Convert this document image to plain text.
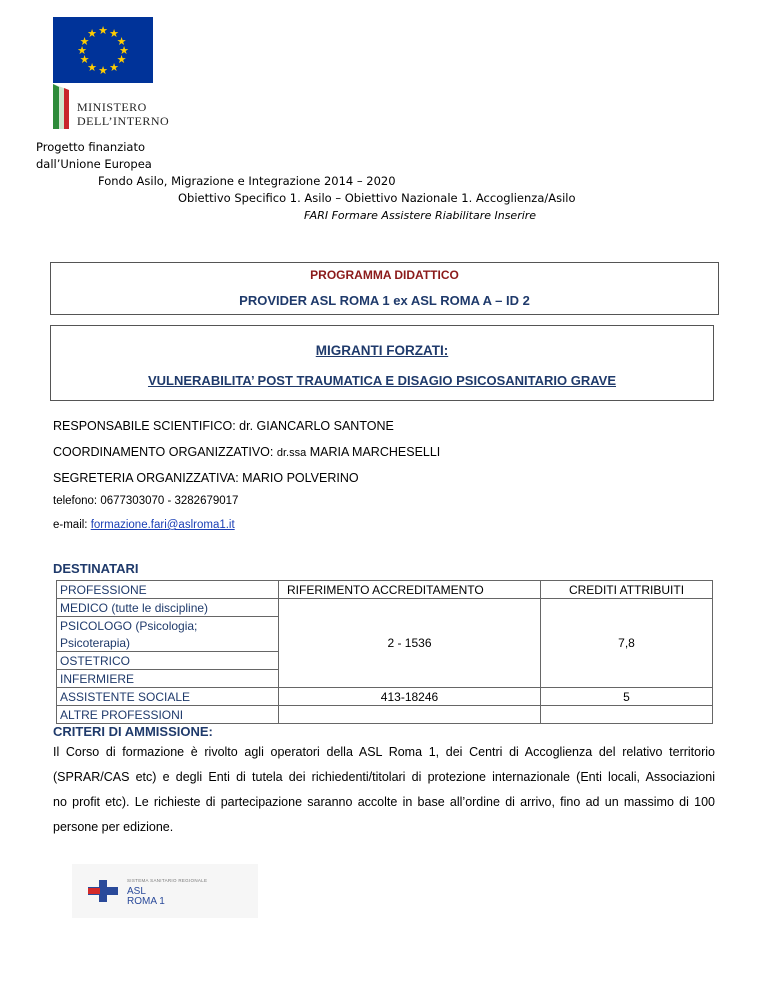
★ ★
★
★
★
★
★
★
★
★
★
★
MINISTERO
DELL’INTERNO
Progetto finanziato
dall’Unione Europea
Fondo Asilo, Migrazione e Integrazione 2014 – 2020
Obiettivo Specifico 1. Asilo – Obiettivo Nazionale 1. Accoglienza/Asilo
FARI Formare Assistere Riabilitare Inserire
PROGRAMMA DIDATTICO
PROVIDER ASL ROMA 1 ex ASL ROMA A – ID 2
MIGRANTI FORZATI:
VULNERABILITA’ POST TRAUMATICA E DISAGIO PSICOSANITARIO GRAVE
RESPONSABILE SCIENTIFICO: dr. GIANCARLO SANTONE
COORDINAMENTO ORGANIZZATIVO: dr.ssa MARIA MARCHESELLI
SEGRETERIA ORGANIZZATIVA: MARIO POLVERINO
telefono: 0677303070 - 3282679017
e-mail: formazione.fari@aslroma1.it
DESTINATARI
PROFESSIONE	RIFERIMENTO ACCREDITAMENTO	CREDITI ATTRIBUITI
MEDICO (tutte le discipline)	2 - 1536	7,8
PSICOLOGO (Psicologia;		
Psicoterapia)		
OSTETRICO		
INFERMIERE		
ASSISTENTE SOCIALE	413-18246	5
ALTRE PROFESSIONI		
CRITERI DI AMMISSIONE:
Il Corso di formazione è rivolto agli operatori della ASL Roma 1, dei Centri di Accoglienza del relativo territorio
(SPRAR/CAS etc) e degli Enti di tutela dei richiedenti/titolari di protezione internazionale (Enti locali, Associazioni
no profit etc). Le richieste di partecipazione saranno accolte in base all’ordine di arrivo, fino ad un massimo di 100
persone per edizione.
SISTEMA SANITARIO REGIONALE
ASL
ROMA 1
